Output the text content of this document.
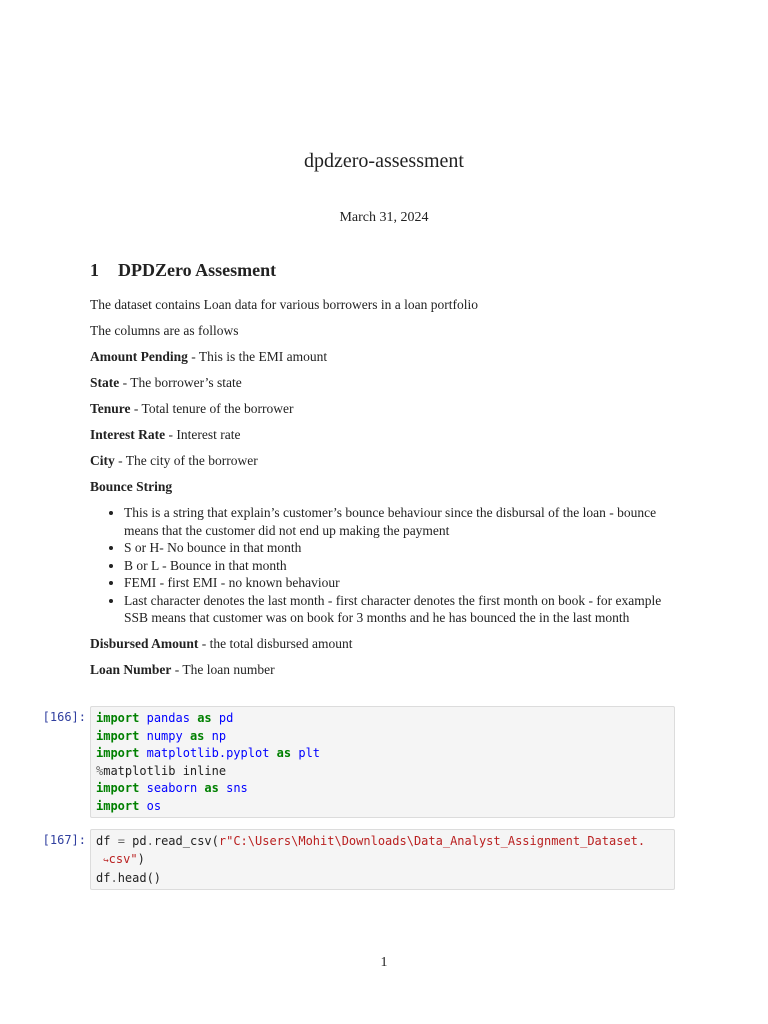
dpdzero-assessment
March 31, 2024
1 DPDZero Assesment

The dataset contains Loan data for various borrowers in a loan portfolio

The columns are as follows

Amount Pending - This is the EMI amount

State - The borrower’s state

Tenure - Total tenure of the borrower

Interest Rate - Interest rate

City - The city of the borrower

Bounce String

• This is a string that explain’s customer’s bounce behaviour since the disbursal of the loan - bounce means that the customer did not end up making the payment
• S or H- No bounce in that month
• B or L - Bounce in that month
• FEMI - first EMI - no known behaviour
• Last character denotes the last month - first character denotes the first month on book - for example SSB means that customer was on book for 3 months and he has bounced the in the last month

Disbursed Amount - the total disbursed amount

Loan Number - The loan number

[166]: import pandas as pd
import numpy as np
import matplotlib.pyplot as plt
%matplotlib inline
import seaborn as sns
import os
[167]: df = pd.read_csv(r"C:\Users\Mohit\Downloads\Data_Analyst_Assignment_Dataset.
↪csv")
df.head()
1
